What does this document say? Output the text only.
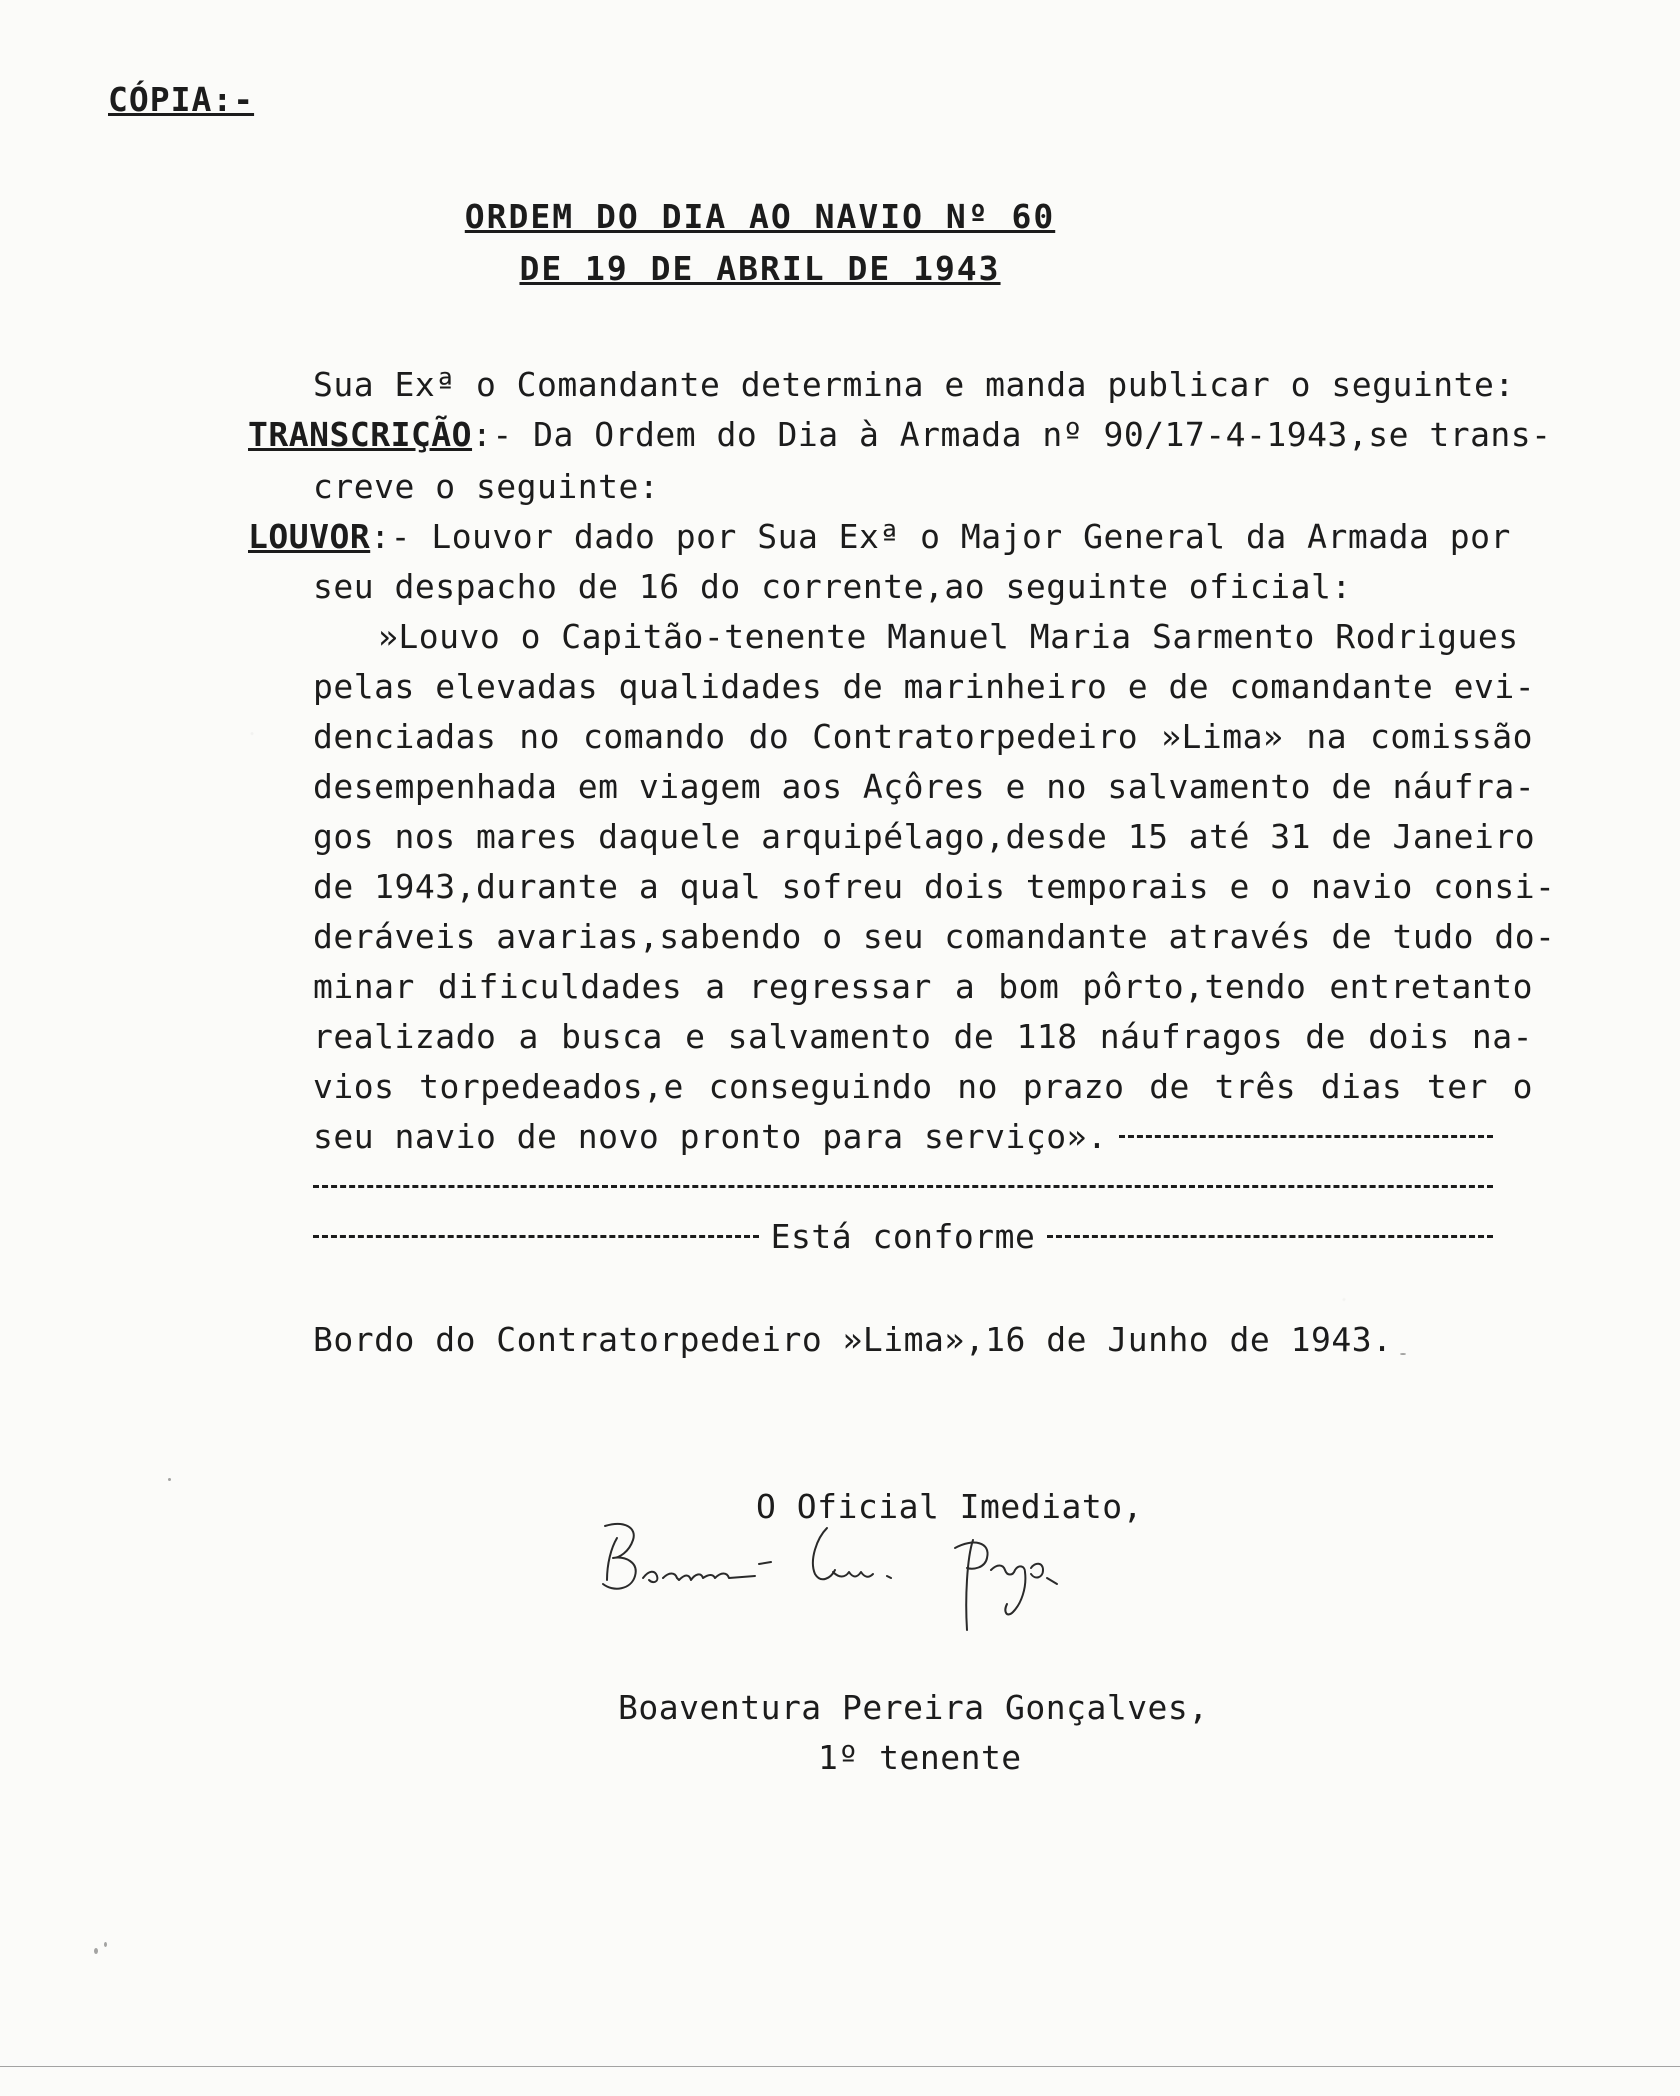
CÓPIA:-
ORDEM DO DIA AO NAVIO Nº 60
DE 19 DE ABRIL DE 1943
Sua Exª o Comandante determina e manda publicar o seguinte:
TRANSCRIÇÃO:- Da Ordem do Dia à Armada nº 90/17-4-1943,se trans-
creve o seguinte:
LOUVOR:- Louvor dado por Sua Exª o Major General da Armada por
seu despacho de 16 do corrente,ao seguinte oficial:
»Louvo o Capitão-tenente Manuel Maria Sarmento Rodrigues
pelas elevadas qualidades de marinheiro e de comandante evi-
denciadas no comando do Contratorpedeiro »Lima» na comissão
desempenhada em viagem aos Açôres e no salvamento de náufra-
gos nos mares daquele arquipélago,desde 15 até 31 de Janeiro
de 1943,durante a qual sofreu dois temporais e o navio consi-
deráveis avarias,sabendo o seu comandante através de tudo do-
minar dificuldades a regressar a bom pôrto,tendo entretanto
realizado a busca e salvamento de 118 náufragos de dois na-
vios torpedeados,e conseguindo no prazo de três dias ter o
seu navio de novo pronto para serviço».
Está conforme
Bordo do Contratorpedeiro »Lima»,16 de Junho de 1943.
O Oficial Imediato,
Boaventura Pereira Gonçalves,
1º tenente
